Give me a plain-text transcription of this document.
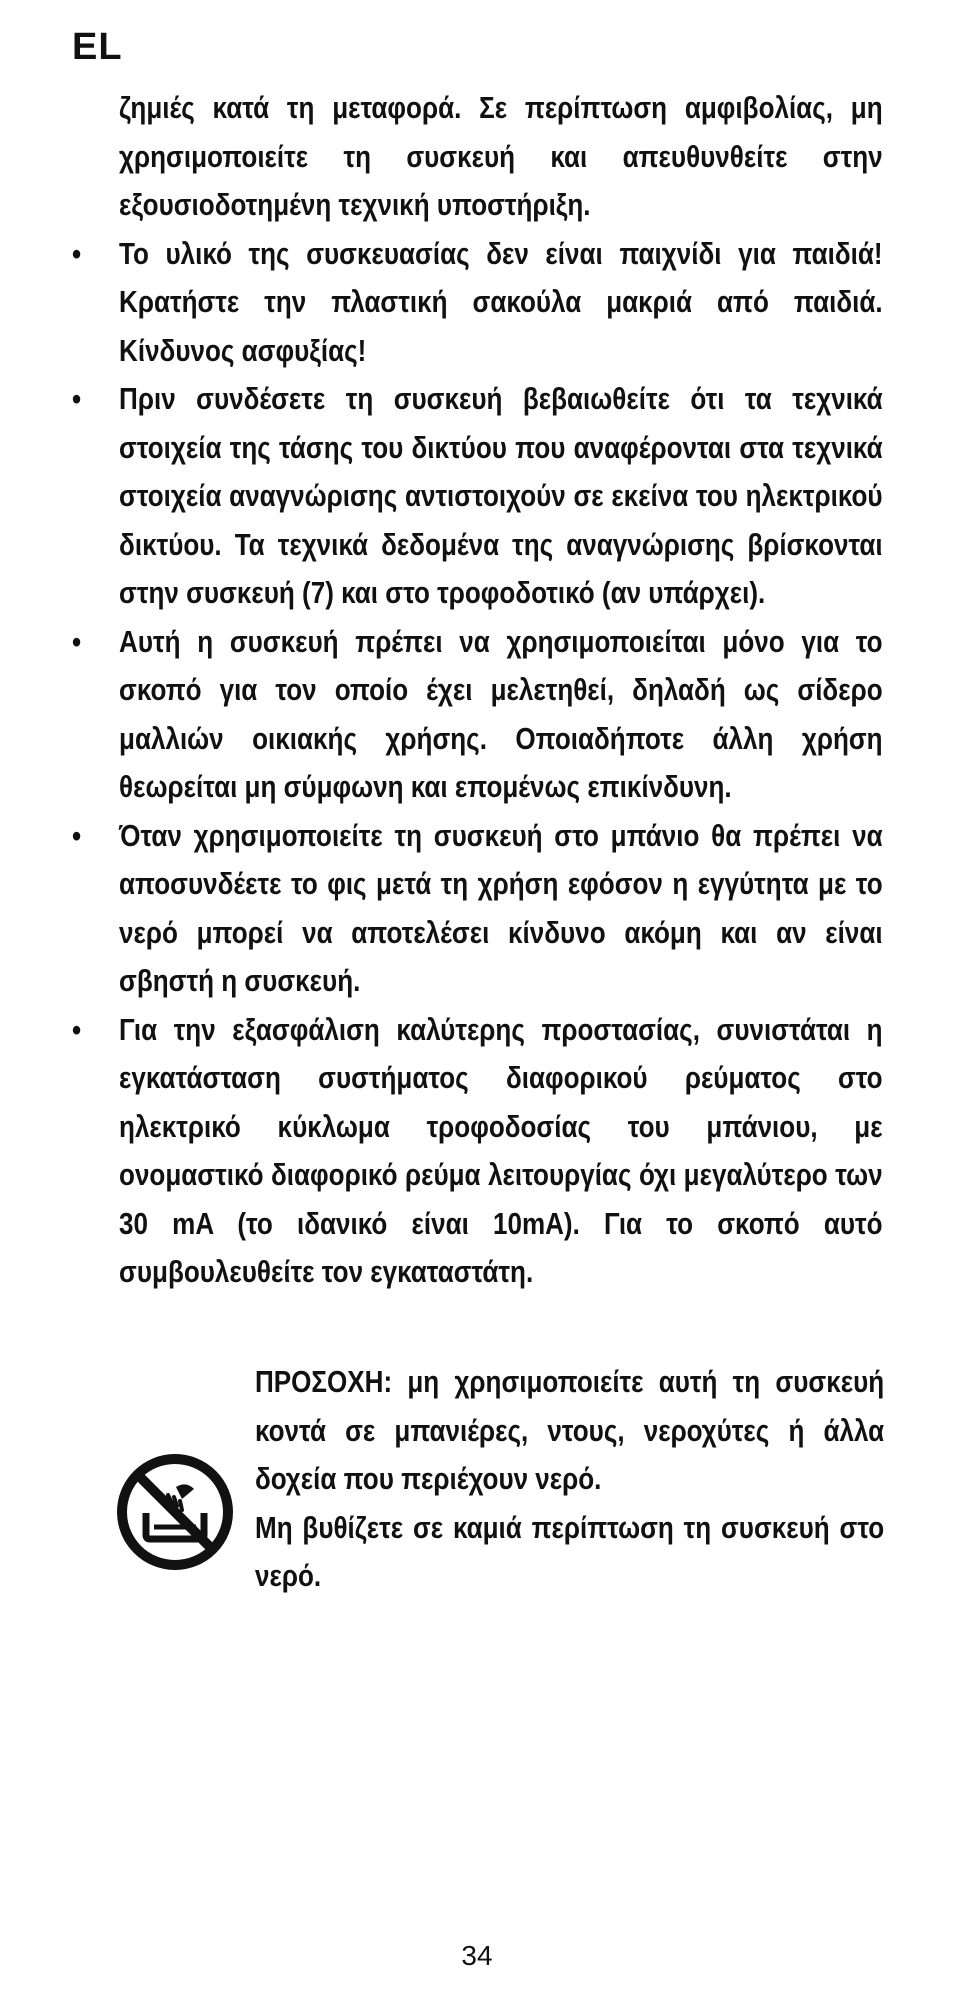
EL

ζημιές κατά τη μεταφορά. Σε περίπτωση αμφιβολίας, μη χρησιμοποιείτε τη συσκευή και απευθυνθείτε στην εξουσιοδοτημένη τεχνική υποστήριξη.

•	Το υλικό της συσκευασίας δεν είναι παιχνίδι για παιδιά! Κρατήστε την πλαστική σακούλα μακριά από παιδιά. Κίνδυνος ασφυξίας!
•	Πριν συνδέσετε τη συσκευή βεβαιωθείτε ότι τα τεχνικά στοιχεία της τάσης του δικτύου που αναφέρονται στα τεχνικά στοιχεία αναγνώρισης αντιστοιχούν σε εκείνα του ηλεκτρικού δικτύου. Τα τεχνικά δεδομένα της αναγνώρισης βρίσκονται στην συσκευή (7) και στο τροφοδοτικό (αν υπάρχει).
•	Αυτή η συσκευή πρέπει να χρησιμοποιείται μόνο για το σκοπό για τον οποίο έχει μελετηθεί, δηλαδή ως σίδερο μαλλιών οικιακής χρήσης. Οποιαδήποτε άλλη χρήση θεωρείται μη σύμφωνη και επομένως επικίνδυνη.
•	Όταν χρησιμοποιείτε τη συσκευή στο μπάνιο θα πρέπει να αποσυνδέετε το φις μετά τη χρήση εφόσον η εγγύτητα με το νερό μπορεί να αποτελέσει κίνδυνο ακόμη και αν είναι σβηστή η συσκευή.
•	Για την εξασφάλιση καλύτερης προστασίας, συνιστάται η εγκατάσταση συστήματος διαφορικού ρεύματος στο ηλεκτρικό κύκλωμα τροφοδοσίας του μπάνιου, με ονομαστικό διαφορικό ρεύμα λειτουργίας όχι μεγαλύτερο των 30 mA (το ιδανικό είναι 10mA). Για το σκοπό αυτό συμβουλευθείτε τον εγκαταστάτη.

ΠΡΟΣΟΧΗ: μη χρησιμοποιείτε αυτή τη συσκευή κοντά σε μπανιέρες, ντους, νεροχύτες ή άλλα δοχεία που περιέχουν νερό.

Μη βυθίζετε σε καμιά περίπτωση τη συσκευή στο νερό.

34
